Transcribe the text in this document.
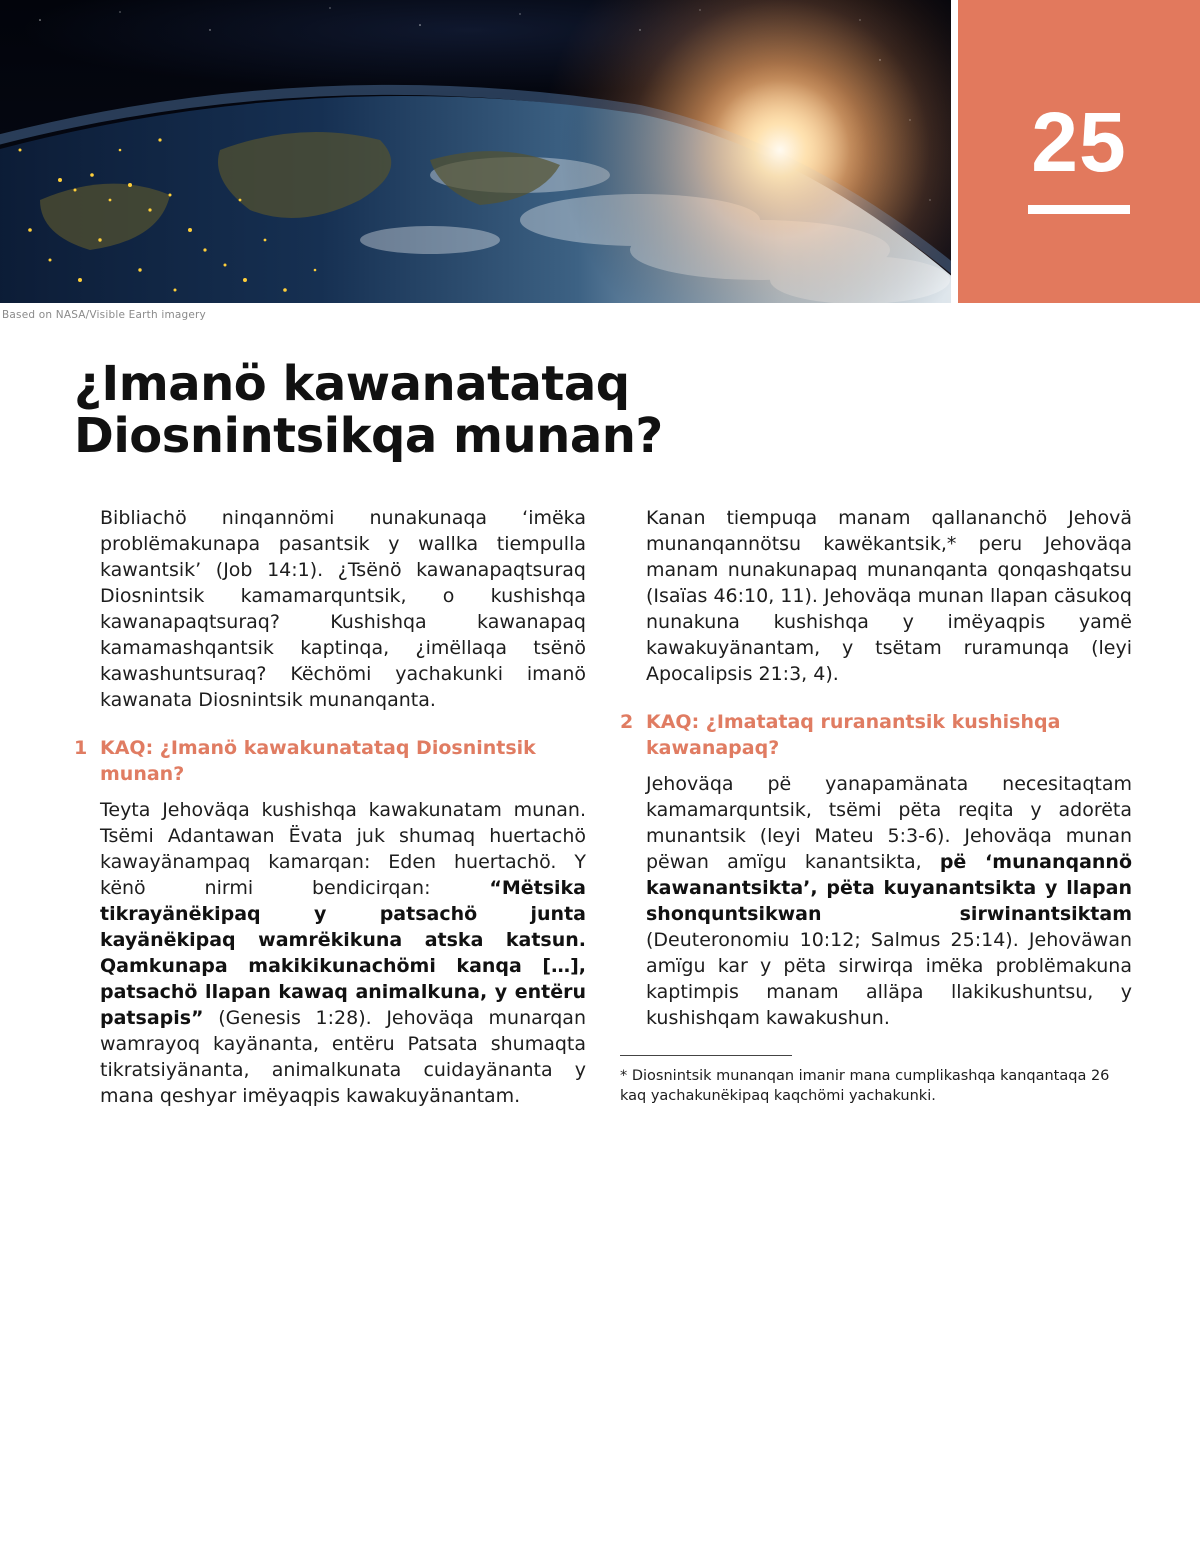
25
Based on NASA/Visible Earth imagery
¿Imanö kawanatataq
Diosnintsikqa munan?

Bibliachö ninqannömi nunakunaqa ‘imëka problëmakunapa pasantsik y wallka tiempulla kawantsik’ (Job 14:1). ¿Tsënö kawanapaqtsuraq Diosnintsik kamamarquntsik, o kushishqa kawanapaqtsuraq? Kushishqa kawanapaq kamamashqantsik kaptinqa, ¿imëllaqa tsënö kawashuntsuraq? Këchömi yachakunki imanö kawanata Diosnintsik munanqanta.

1 KAQ: ¿Imanö kawakunatataq Diosnintsik munan?

Teyta Jehoväqa kushishqa kawakunatam munan. Tsëmi Adantawan Ëvata juk shumaq huertachö kawayänampaq kamarqan: Eden huertachö. Y kënö nirmi bendicirqan: “Mëtsika tikrayänëkipaq y patsachö junta kayänëkipaq wamrëkikuna atska katsun. Qamkunapa makikikunachömi kanqa […], patsachö llapan kawaq animalkuna, y entëru patsapis” (Genesis 1:28). Jehoväqa munarqan wamrayoq kayänanta, entëru Patsata shumaqta tikratsiyänanta, animalkunata cuidayänanta y mana qeshyar imëyaqpis kawakuyänantam.

Kanan tiempuqa manam qallananchö Jehovä munanqannötsu kawëkantsik,* peru Jehoväqa manam nunakunapaq munanqanta qonqashqatsu (Isaïas 46:10, 11). Jehoväqa munan llapan cäsukoq nunakuna kushishqa y imëyaqpis yamë kawakuyänantam, y tsëtam ruramunqa (leyi Apocalipsis 21:3, 4).

2 KAQ: ¿Imatataq ruranantsik kushishqa kawanapaq?

Jehoväqa pë yanapamänata necesitaqtam kamamarquntsik, tsëmi pëta reqita y adorëta munantsik (leyi Mateu 5:3-6). Jehoväqa munan pëwan amïgu kanantsikta, pë ‘munanqannö kawanantsikta’, pëta kuyanantsikta y llapan shonquntsikwan sirwinantsiktam (Deuteronomiu 10:12; Salmus 25:14). Jehoväwan amïgu kar y pëta sirwirqa imëka problëmakuna kaptimpis manam alläpa llakikushuntsu, y kushishqam kawakushun.

* Diosnintsik munanqan imanir mana cumplikashqa kanqantaqa 26 kaq yachakunëkipaq kaqchömi yachakunki.
